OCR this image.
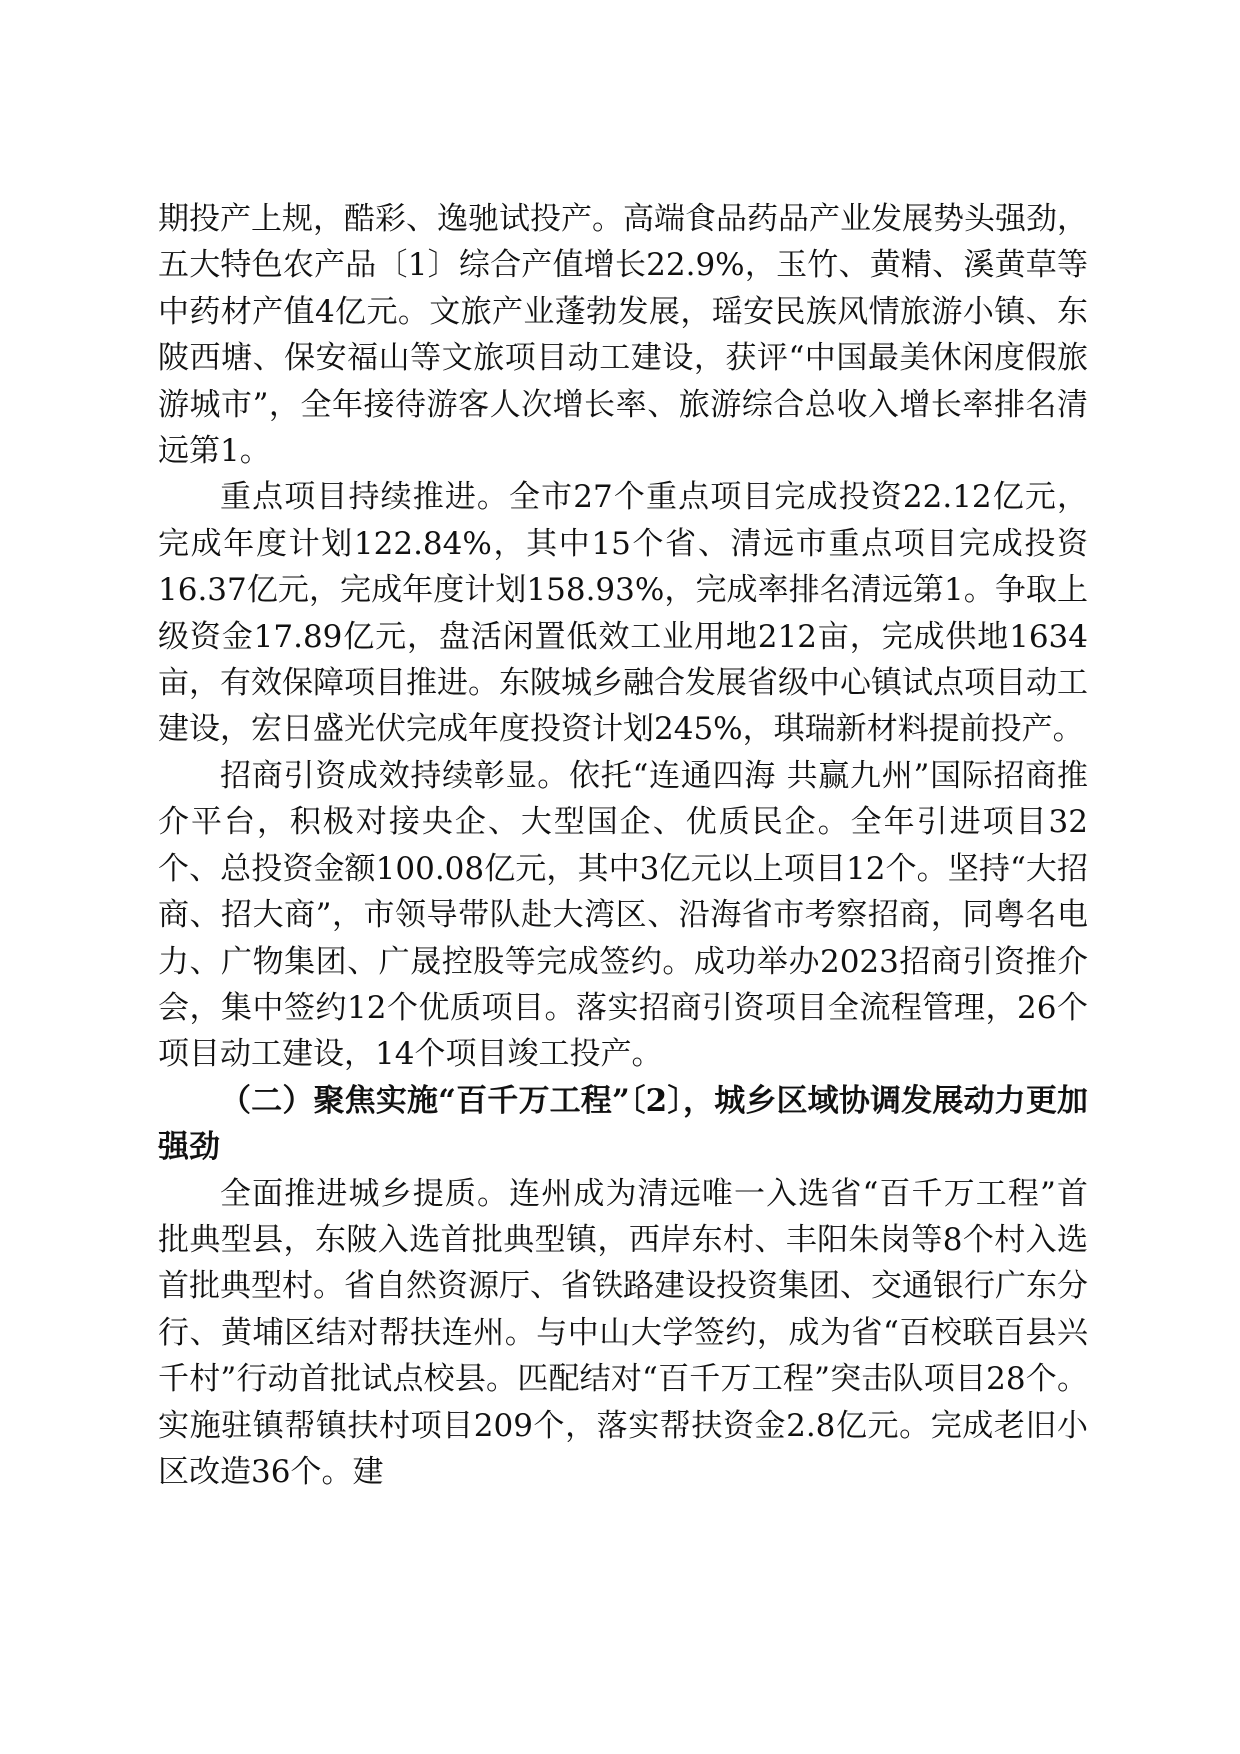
期投产上规，酷彩、逸驰试投产。高端食品药品产业发展势头强劲，五大特色农产品〔1〕综合产值增长22.9%，玉竹、黄精、溪黄草等中药材产值4亿元。文旅产业蓬勃发展，瑶安民族风情旅游小镇、东陂西塘、保安福山等文旅项目动工建设，获评“中国最美休闲度假旅游城市”，全年接待游客人次增长率、旅游综合总收入增长率排名清远第1。

重点项目持续推进。全市27个重点项目完成投资22.12亿元，完成年度计划122.84%，其中15个省、清远市重点项目完成投资16.37亿元，完成年度计划158.93%，完成率排名清远第1。争取上级资金17.89亿元，盘活闲置低效工业用地212亩，完成供地1634亩，有效保障项目推进。东陂城乡融合发展省级中心镇试点项目动工建设，宏日盛光伏完成年度投资计划245%，琪瑞新材料提前投产。

招商引资成效持续彰显。依托“连通四海 共赢九州”国际招商推介平台，积极对接央企、大型国企、优质民企。全年引进项目32个、总投资金额100.08亿元，其中3亿元以上项目12个。坚持“大招商、招大商”，市领导带队赴大湾区、沿海省市考察招商，同粤名电力、广物集团、广晟控股等完成签约。成功举办2023招商引资推介会，集中签约12个优质项目。落实招商引资项目全流程管理，26个项目动工建设，14个项目竣工投产。

（二）聚焦实施“百千万工程”〔2〕，城乡区域协调发展动力更加强劲

全面推进城乡提质。连州成为清远唯一入选省“百千万工程”首批典型县，东陂入选首批典型镇，西岸东村、丰阳朱岗等8个村入选首批典型村。省自然资源厅、省铁路建设投资集团、交通银行广东分行、黄埔区结对帮扶连州。与中山大学签约，成为省“百校联百县兴千村”行动首批试点校县。匹配结对“百千万工程”突击队项目28个。实施驻镇帮镇扶村项目209个，落实帮扶资金2.8亿元。完成老旧小区改造36个。建
